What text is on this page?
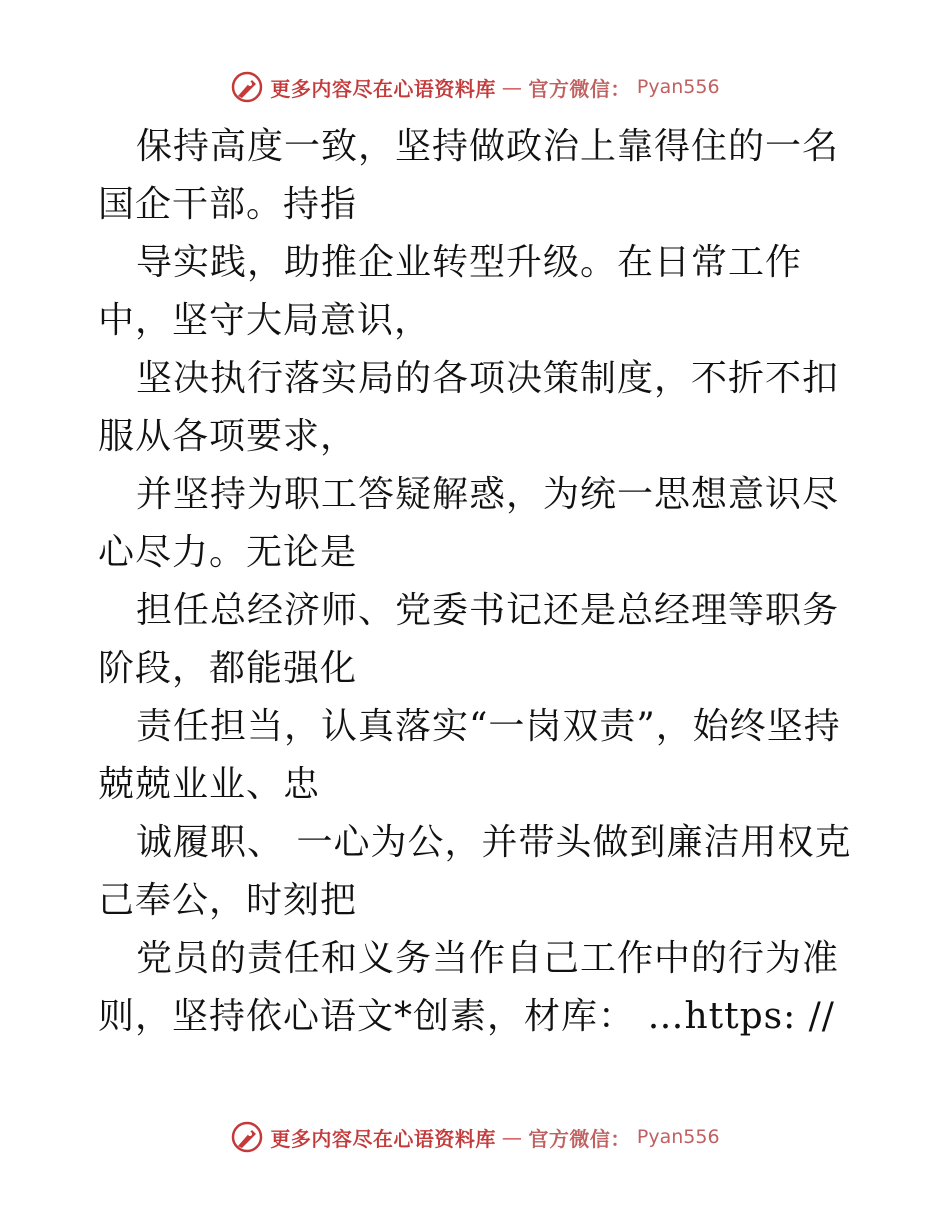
更多内容尽在心语资料库 — 官方微信： Pyan556

保持高度一致，坚持做政治上靠得住的一名国企干部。持指

导实践，助推企业转型升级。在日常工作中，坚守大局意识，

坚决执行落实局的各项决策制度，不折不扣服从各项要求，

并坚持为职工答疑解惑，为统一思想意识尽心尽力。无论是

担任总经济师、党委书记还是总经理等职务阶段，都能强化

责任担当，认真落实“一岗双责”，始终坚持兢兢业业、忠

诚履职、 一心为公，并带头做到廉洁用权克己奉公，时刻把

党员的责任和义务当作自己工作中的行为准则，坚持依心语文*创素，材库： …https: //

更多内容尽在心语资料库 — 官方微信： Pyan556
